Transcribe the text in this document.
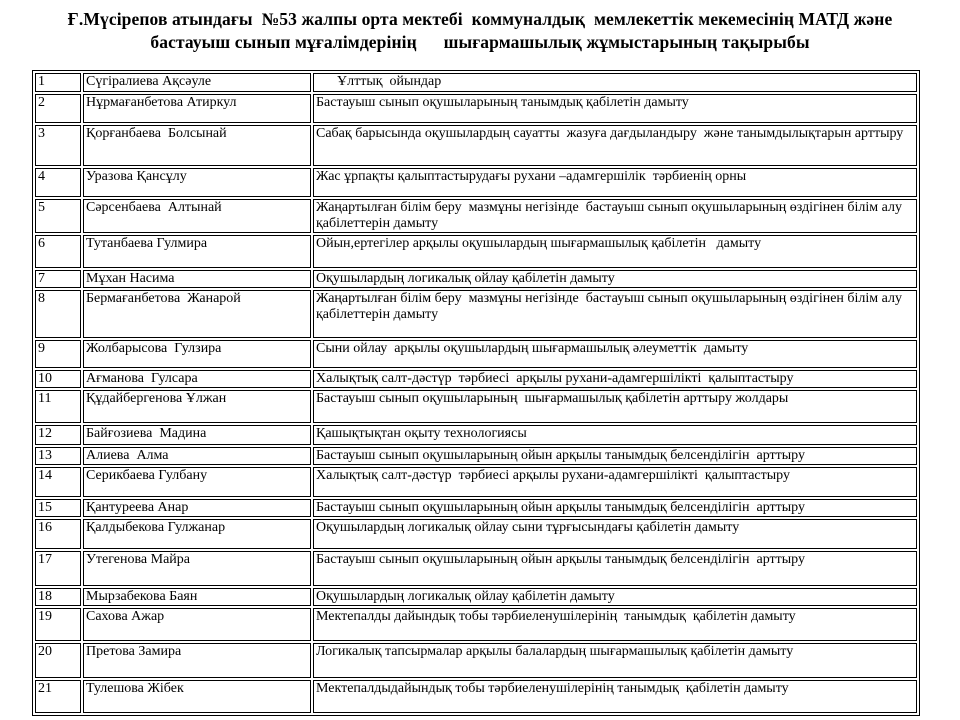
Ғ.Мүсірепов атындағы  №53 жалпы орта мектебі  коммуналдық  мемлекеттік мекемесінің МАТД және
бастауыш сынып мұғалімдерінің      шығармашылық жұмыстарының тақырыбы
1	Сүгіралиева Ақсәуле	Ұлттық  ойындар
2	Нұрмағанбетова Атиркул	Бастауыш сынып оқушыларының танымдық қабілетін дамыту
3	Қорғанбаева  Болсынай	Сабақ барысында оқушылардың сауатты  жазуға дағдыландыру  және танымдылықтарын арттыру
4	Уразова Қансұлу	Жас ұрпақты қалыптастырудағы рухани –адамгершілік  тәрбиенің орны
5	Сәрсенбаева  Алтынай	Жаңартылған білім беру  мазмұны негізінде  бастауыш сынып оқушыларының өздігінен білім алу  қабілеттерін дамыту
6	Тутанбаева Гулмира	Ойын,ертегілер арқылы оқушылардың шығармашылық қабілетін   дамыту
7	Мұхан Насима	Оқушылардың логикалық ойлау қабілетін дамыту
8	Бермағанбетова  Жанарой	Жаңартылған білім беру  мазмұны негізінде  бастауыш сынып оқушыларының өздігінен білім алу  қабілеттерін дамыту
9	Жолбарысова  Гулзира	Сыни ойлау  арқылы оқушылардың шығармашылық әлеуметтік  дамыту
10	Ағманова  Гулсара	Халықтық салт-дәстүр  тәрбиесі  арқылы рухани-адамгершілікті  қалыптастыру
11	Құдайбергенова Ұлжан	Бастауыш сынып оқушыларының  шығармашылық қабілетін арттыру жолдары
12	Байғозиева  Мадина	Қашықтықтан оқыту технологиясы
13	Алиева  Алма	Бастауыш сынып оқушыларының ойын арқылы танымдық белсенділігін  арттыру
14	Серикбаева Гулбану	Халықтық салт-дәстүр  тәрбиесі арқылы рухани-адамгершілікті  қалыптастыру
15	Қантуреева Анар	Бастауыш сынып оқушыларының ойын арқылы танымдық белсенділігін  арттыру
16	Қалдыбекова Гулжанар	Оқушылардың логикалық ойлау сыни тұрғысындағы қабілетін дамыту
17	Утегенова Майра	Бастауыш сынып оқушыларының ойын арқылы танымдық белсенділігін  арттыру
18	Мырзабекова Баян	Оқушылардың логикалық ойлау қабілетін дамыту
19	Сахова Ажар	Мектепалды дайындық тобы тәрбиеленушілерінің  танымдық  қабілетін дамыту
20	Претова Замира	Логикалық тапсырмалар арқылы балалардың шығармашылық қабілетін дамыту
21	Тулешова Жібек	Мектепалдыдайындық тобы тәрбиеленушілерінің танымдық  қабілетін дамыту
